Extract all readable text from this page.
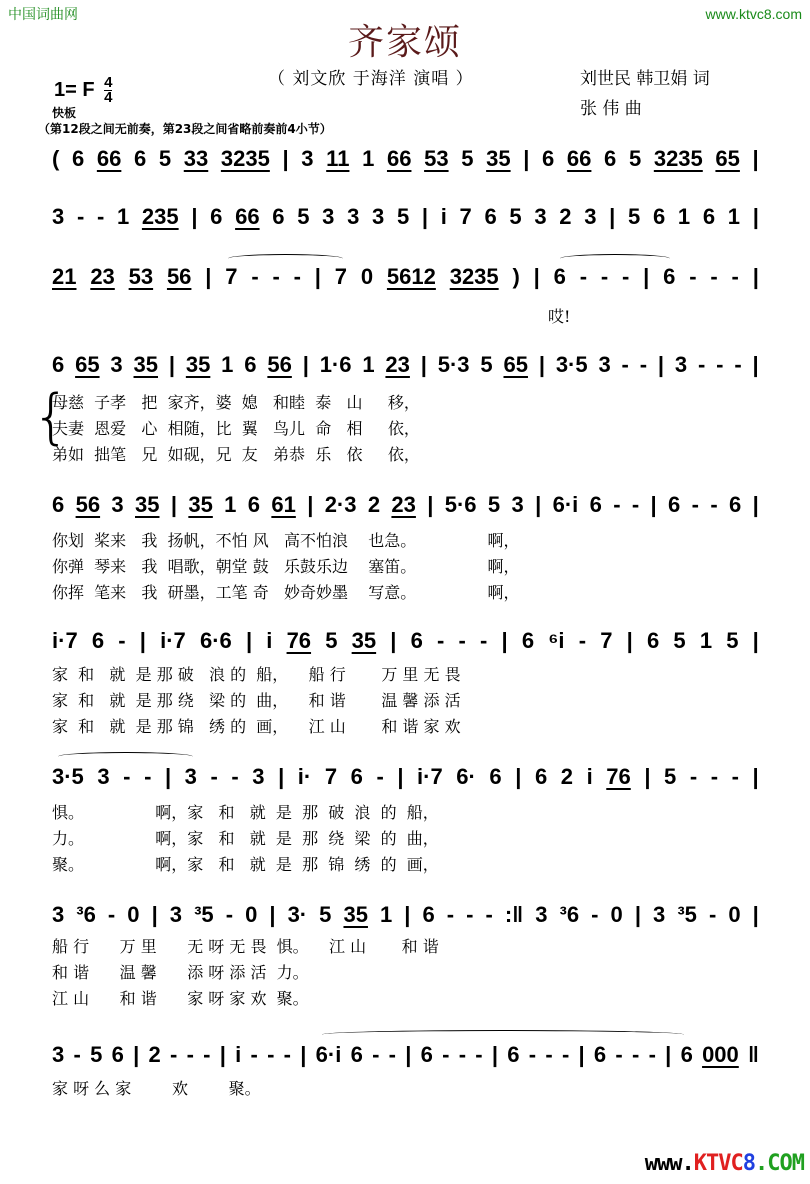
中国词曲网	www.ktvc8.com
齐家颂
（ 刘文欣 于海洋 演唱 ）	刘世民 韩卫娟 词
张 伟 曲
1= F $\frac{4}{4}$
快板
（第12段之间无前奏，第23段之间省略前奏前4小节）
( 6 66 6 5 33 3235 | 3 11 1 66 53 5 35 | 6 66 6 5 3235 65 |
3 - - 1 235 | 6 66 6 5 3 3 3 5 | i 7 6 5 3 2 3 | 5 6 1 6 1 |
21 23 53 56 | 7 - - - | 7 0 5612 3235 ) | 6 - - - | 6 - - - |
哎!
6 65 3 35 | 35 1 6 56 | 1·6 1 23 | 5·3 5 65 | 3·5 3 - - | 3 - - - |
{
母慈  子孝   把  家齐，婆  媳   和睦  泰   山     移，
夫妻  恩爱   心  相随，比  翼   鸟儿  命   相     依，
弟如  拙笔   兄  如砚，兄  友   弟恭  乐   依     依，
6 56 3 35 | 35 1 6 61 | 2·3 2 23 | 5·6 5 3 | 6·i 6 - - | 6 - - 6 |
你划  桨来   我  扬帆，不怕 风   高不怕浪    也急。              啊，
你弹  琴来   我  唱歌，朝堂 鼓   乐鼓乐边    塞笛。              啊，
你挥  笔来   我  研墨，工笔 奇   妙奇妙墨    写意。              啊，
i·7 6 - | i·7 6·6 | i 76 5 35 | 6 - - - | 6 ⁶i - 7 | 6 5 1 5 |
家  和   就  是 那 破   浪 的  船，    船 行       万 里 无 畏
家  和   就  是 那 绕   梁 的  曲，    和 谐       温 馨 添 活
家  和   就  是 那 锦   绣 的  画，    江 山       和 谐 家 欢
3·5 3 - - | 3 - - 3 | i· 7 6 - | i·7 6· 6 | 6 2 i 76 | 5 - - - |
惧。              啊，家   和   就  是  那  破  浪  的  船，
力。              啊，家   和   就  是  那  绕  梁  的  曲，
聚。              啊，家   和   就  是  那  锦  绣  的  画，
3 ³6 - 0 | 3 ³5 - 0 | 3· 5 35 1 | 6 - - - :‖ 3 ³6 - 0 | 3 ³5 - 0 |
船 行      万 里      无 呀 无 畏  惧。    江 山       和 谐
和 谐      温 馨      添 呀 添 活  力。
江 山      和 谐      家 呀 家 欢  聚。
3 - 5 6 | 2 - - - | i - - - | 6·i 6 - - | 6 - - - | 6 - - - | 6 - - - | 6 000 ‖
家 呀 么 家        欢        聚。
www.KTVC8.COM
